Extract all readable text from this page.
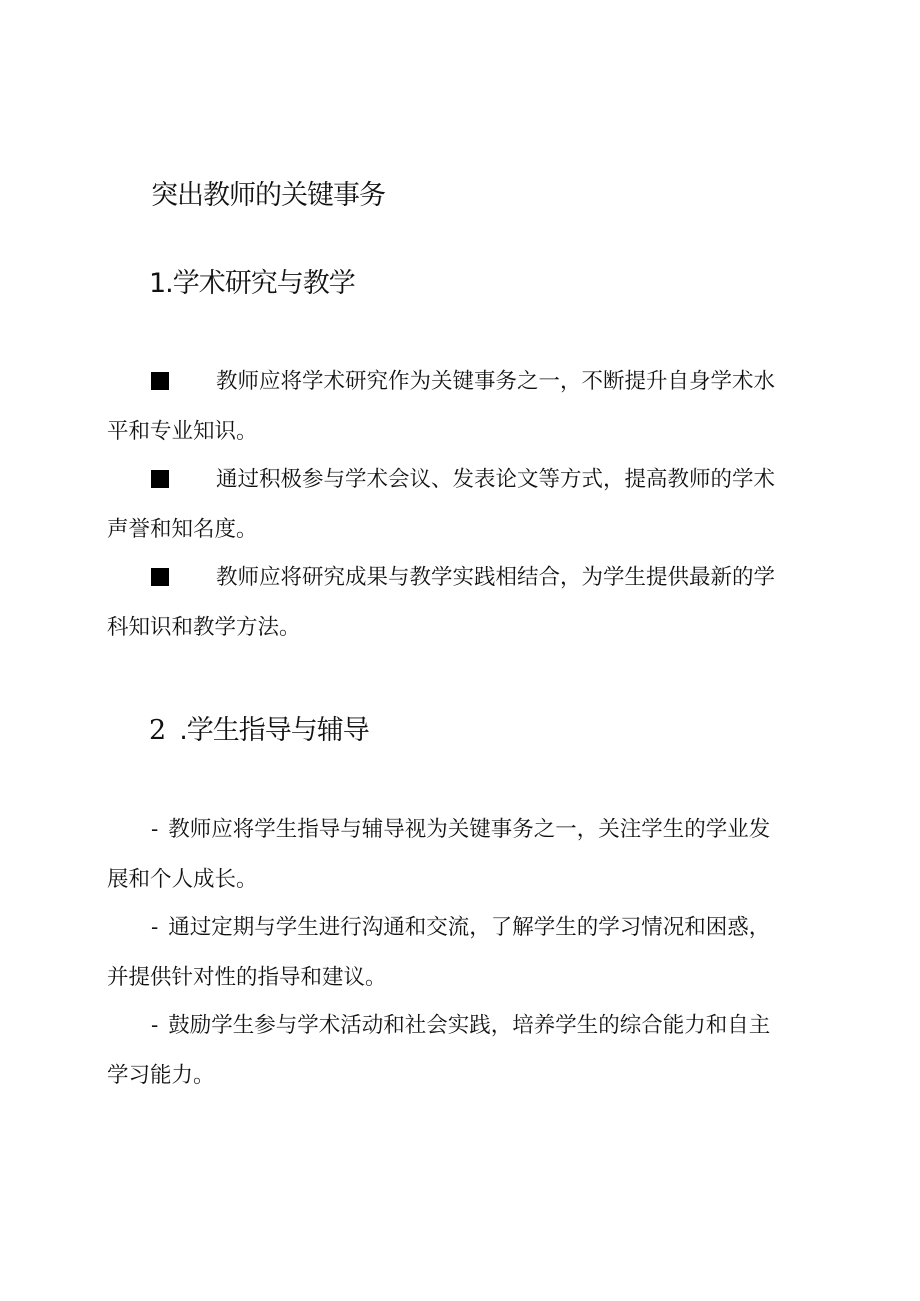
突出教师的关键事务
1.学术研究与教学

教师应将学术研究作为关键事务之一，不断提升自身学术水
平和专业知识。

通过积极参与学术会议、发表论文等方式，提高教师的学术
声誉和知名度。

教师应将研究成果与教学实践相结合，为学生提供最新的学
科知识和教学方法。

2 .学生指导与辅导

- 教师应将学生指导与辅导视为关键事务之一，关注学生的学业发
展和个人成长。

- 通过定期与学生进行沟通和交流，了解学生的学习情况和困惑，
并提供针对性的指导和建议。

- 鼓励学生参与学术活动和社会实践，培养学生的综合能力和自主
学习能力。
